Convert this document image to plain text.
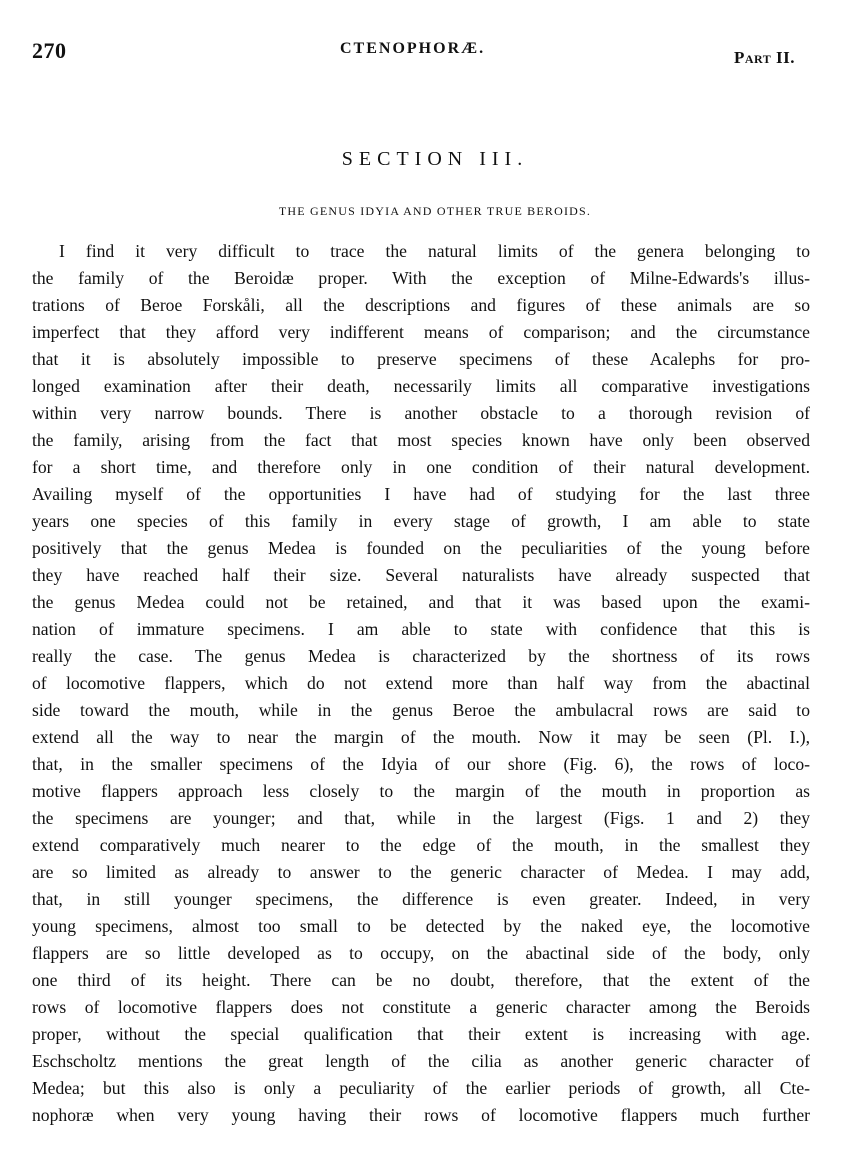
270	CTENOPHORÆ.	Part II.
SECTION III.
THE GENUS IDYIA AND OTHER TRUE BEROIDS.
I find it very difficult to trace the natural limits of the genera belonging to
the family of the Beroidæ proper. With the exception of Milne-Edwards's illus-
trations of Beroe Forskåli, all the descriptions and figures of these animals are so
imperfect that they afford very indifferent means of comparison; and the circumstance
that it is absolutely impossible to preserve specimens of these Acalephs for pro-
longed examination after their death, necessarily limits all comparative investigations
within very narrow bounds. There is another obstacle to a thorough revision of
the family, arising from the fact that most species known have only been observed
for a short time, and therefore only in one condition of their natural development.
Availing myself of the opportunities I have had of studying for the last three
years one species of this family in every stage of growth, I am able to state
positively that the genus Medea is founded on the peculiarities of the young before
they have reached half their size. Several naturalists have already suspected that
the genus Medea could not be retained, and that it was based upon the exami-
nation of immature specimens. I am able to state with confidence that this is
really the case. The genus Medea is characterized by the shortness of its rows
of locomotive flappers, which do not extend more than half way from the abactinal
side toward the mouth, while in the genus Beroe the ambulacral rows are said to
extend all the way to near the margin of the mouth. Now it may be seen (Pl. I.),
that, in the smaller specimens of the Idyia of our shore (Fig. 6), the rows of loco-
motive flappers approach less closely to the margin of the mouth in proportion as
the specimens are younger; and that, while in the largest (Figs. 1 and 2) they
extend comparatively much nearer to the edge of the mouth, in the smallest they
are so limited as already to answer to the generic character of Medea. I may add,
that, in still younger specimens, the difference is even greater. Indeed, in very
young specimens, almost too small to be detected by the naked eye, the locomotive
flappers are so little developed as to occupy, on the abactinal side of the body, only
one third of its height. There can be no doubt, therefore, that the extent of the
rows of locomotive flappers does not constitute a generic character among the Beroids
proper, without the special qualification that their extent is increasing with age.
Eschscholtz mentions the great length of the cilia as another generic character of
Medea; but this also is only a peculiarity of the earlier periods of growth, all Cte-
nophoræ when very young having their rows of locomotive flappers much further
